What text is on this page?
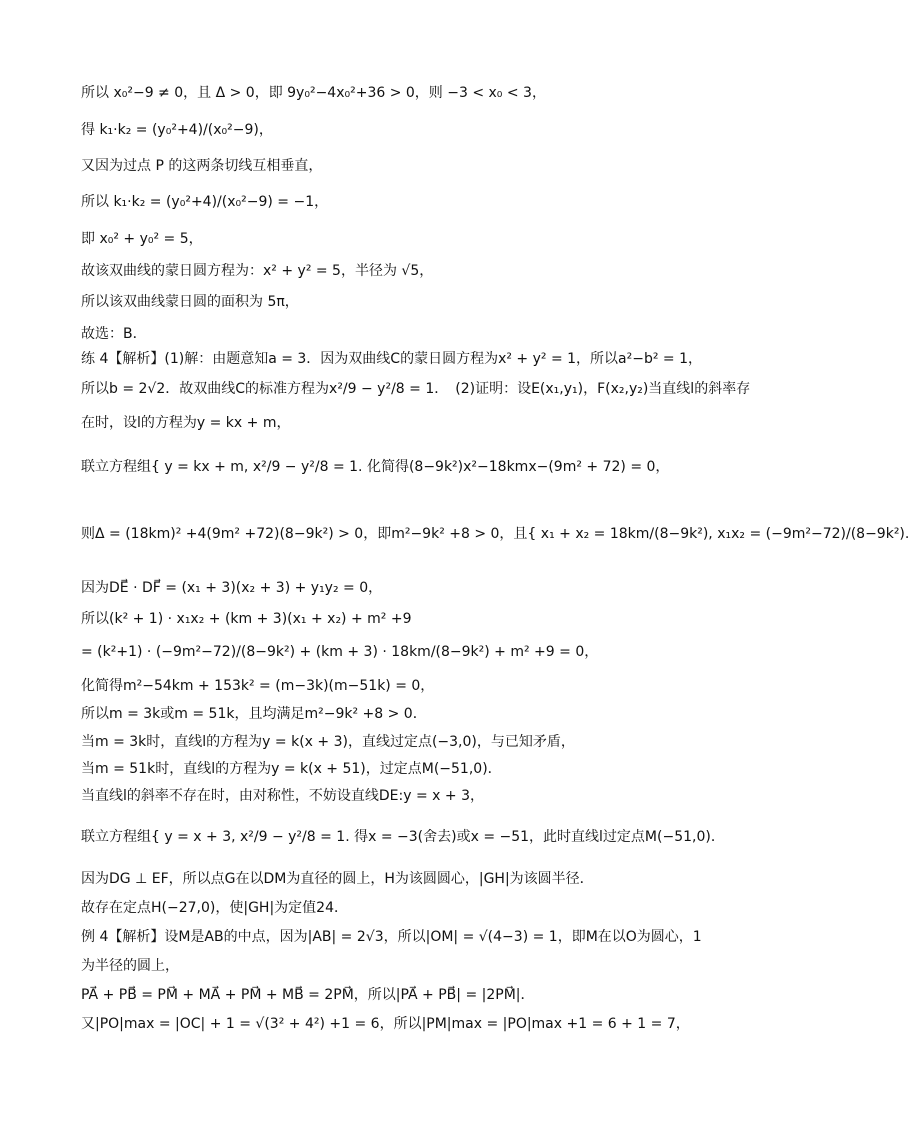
所以 x₀²−9 ≠ 0，且 Δ > 0，即 9y₀²−4x₀²+36 > 0，则 −3 < x₀ < 3，
得 k₁·k₂ = (y₀²+4)/(x₀²−9)，
又因为过点 P 的这两条切线互相垂直，
所以 k₁·k₂ = (y₀²+4)/(x₀²−9) = −1，
即 x₀² + y₀² = 5，
故该双曲线的蒙日圆方程为：x² + y² = 5，半径为 √5，
所以该双曲线蒙日圆的面积为 5π，
故选：B．
练 4【解析】(1)解：由题意知a = 3．因为双曲线C的蒙日圆方程为x² + y² = 1，所以a²−b² = 1，
所以b = 2√2．故双曲线C的标准方程为x²/9 − y²/8 = 1．　(2)证明：设E(x₁,y₁)，F(x₂,y₂)当直线l的斜率存
在时，设l的方程为y = kx + m，
联立方程组{ y = kx + m, x²/9 − y²/8 = 1. 化简得(8−9k²)x²−18kmx−(9m² + 72) = 0，
则Δ = (18km)² +4(9m² +72)(8−9k²) > 0，即m²−9k² +8 > 0，且{ x₁ + x₂ = 18km/(8−9k²), x₁x₂ = (−9m²−72)/(8−9k²).
因为DE⃗ · DF⃗ = (x₁ + 3)(x₂ + 3) + y₁y₂ = 0，
所以(k² + 1) · x₁x₂ + (km + 3)(x₁ + x₂) + m² +9
= (k²+1) · (−9m²−72)/(8−9k²) + (km + 3) · 18km/(8−9k²) + m² +9 = 0，
化简得m²−54km + 153k² = (m−3k)(m−51k) = 0，
所以m = 3k或m = 51k，且均满足m²−9k² +8 > 0．
当m = 3k时，直线l的方程为y = k(x + 3)，直线过定点(−3,0)，与已知矛盾，
当m = 51k时，直线l的方程为y = k(x + 51)，过定点M(−51,0)．
当直线l的斜率不存在时，由对称性，不妨设直线DE:y = x + 3，
联立方程组{ y = x + 3, x²/9 − y²/8 = 1. 得x = −3(舍去)或x = −51，此时直线l过定点M(−51,0)．
因为DG ⊥ EF，所以点G在以DM为直径的圆上，H为该圆圆心，|GH|为该圆半径．
故存在定点H(−27,0)，使|GH|为定值24．
例 4【解析】设M是AB的中点，因为|AB| = 2√3，所以|OM| = √(4−3) = 1，即M在以O为圆心，1为半径的圆上，
PA⃗ + PB⃗ = PM⃗ + MA⃗ + PM⃗ + MB⃗ = 2PM⃗，所以|PA⃗ + PB⃗| = |2PM⃗|．
又|PO|max = |OC| + 1 = √(3² + 4²) +1 = 6，所以|PM|max = |PO|max +1 = 6 + 1 = 7，
